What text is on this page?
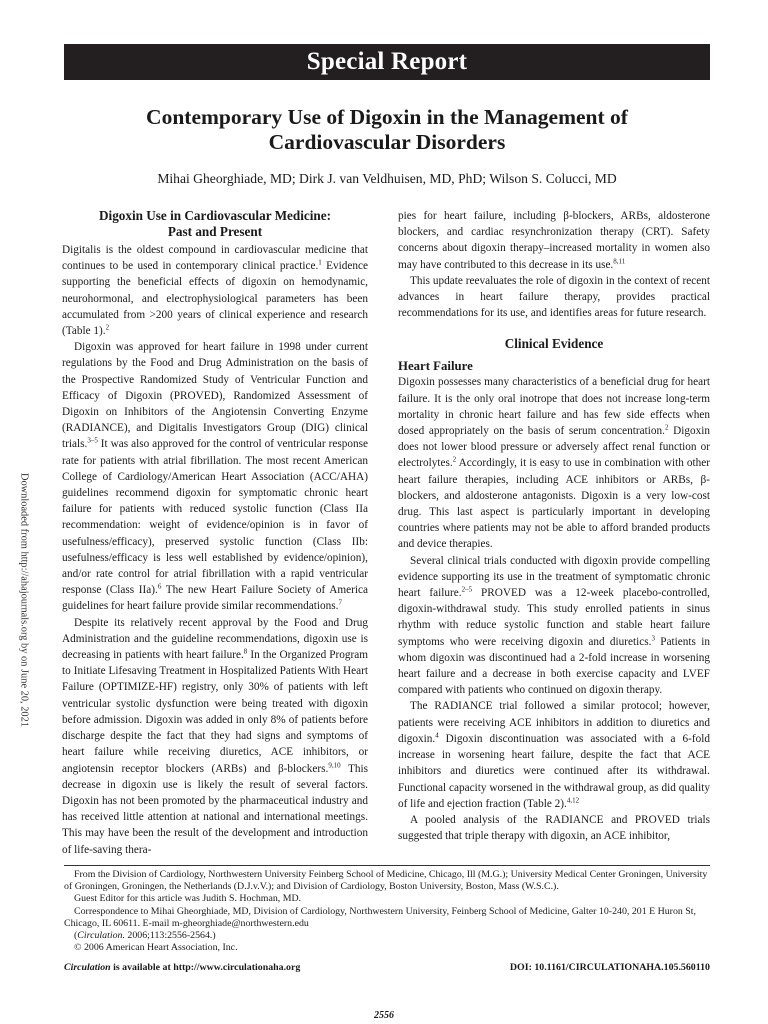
Special Report
Contemporary Use of Digoxin in the Management of
Cardiovascular Disorders

Mihai Gheorghiade, MD; Dirk J. van Veldhuisen, MD, PhD; Wilson S. Colucci, MD

Downloaded from http://ahajournals.org by on June 20, 2021
Digoxin Use in Cardiovascular Medicine:
Past and Present

Digitalis is the oldest compound in cardiovascular medicine that continues to be used in contemporary clinical practice.$^1$ Evidence supporting the beneficial effects of digoxin on hemodynamic, neurohormonal, and electrophysiological parameters has been accumulated from >200 years of clinical experience and research (Table 1).$^2$

Digoxin was approved for heart failure in 1998 under current regulations by the Food and Drug Administration on the basis of the Prospective Randomized Study of Ventricular Function and Efficacy of Digoxin (PROVED), Randomized Assessment of Digoxin on Inhibitors of the Angiotensin Converting Enzyme (RADIANCE), and Digitalis Investigators Group (DIG) clinical trials.$^{3-5}$ It was also approved for the control of ventricular response rate for patients with atrial fibrillation. The most recent American College of Cardiology/American Heart Association (ACC/AHA) guidelines recommend digoxin for symptomatic chronic heart failure for patients with reduced systolic function (Class IIa recommendation: weight of evidence/opinion is in favor of usefulness/efficacy), preserved systolic function (Class IIb: usefulness/efficacy is less well established by evidence/opinion), and/or rate control for atrial fibrillation with a rapid ventricular response (Class IIa).$^6$ The new Heart Failure Society of America guidelines for heart failure provide similar recommendations.$^7$

Despite its relatively recent approval by the Food and Drug Administration and the guideline recommendations, digoxin use is decreasing in patients with heart failure.$^8$ In the Organized Program to Initiate Lifesaving Treatment in Hospitalized Patients With Heart Failure (OPTIMIZE-HF) registry, only 30% of patients with left ventricular systolic dysfunction were being treated with digoxin before admission. Digoxin was added in only 8% of patients before discharge despite the fact that they had signs and symptoms of heart failure while receiving diuretics, ACE inhibitors, or angiotensin receptor blockers (ARBs) and β-blockers.$^{9,10}$ This decrease in digoxin use is likely the result of several factors. Digoxin has not been promoted by the pharmaceutical industry and has received little attention at national and international meetings. This may have been the result of the development and introduction of life-saving thera-

pies for heart failure, including β-blockers, ARBs, aldosterone blockers, and cardiac resynchronization therapy (CRT). Safety concerns about digoxin therapy–increased mortality in women also may have contributed to this decrease in its use.$^{8,11}$

This update reevaluates the role of digoxin in the context of recent advances in heart failure therapy, provides practical recommendations for its use, and identifies areas for future research.

Clinical Evidence
Heart Failure

Digoxin possesses many characteristics of a beneficial drug for heart failure. It is the only oral inotrope that does not increase long-term mortality in chronic heart failure and has few side effects when dosed appropriately on the basis of serum concentration.$^2$ Digoxin does not lower blood pressure or adversely affect renal function or electrolytes.$^2$ Accordingly, it is easy to use in combination with other heart failure therapies, including ACE inhibitors or ARBs, β-blockers, and aldosterone antagonists. Digoxin is a very low-cost drug. This last aspect is particularly important in developing countries where patients may not be able to afford branded products and device therapies.

Several clinical trials conducted with digoxin provide compelling evidence supporting its use in the treatment of symptomatic chronic heart failure.$^{2-5}$ PROVED was a 12-week placebo-controlled, digoxin-withdrawal study. This study enrolled patients in sinus rhythm with reduce systolic function and stable heart failure symptoms who were receiving digoxin and diuretics.$^3$ Patients in whom digoxin was discontinued had a 2-fold increase in worsening heart failure and a decrease in both exercise capacity and LVEF compared with patients who continued on digoxin therapy.

The RADIANCE trial followed a similar protocol; however, patients were receiving ACE inhibitors in addition to diuretics and digoxin.$^4$ Digoxin discontinuation was associated with a 6-fold increase in worsening heart failure, despite the fact that ACE inhibitors and diuretics were continued after its withdrawal. Functional capacity worsened in the withdrawal group, as did quality of life and ejection fraction (Table 2).$^{4,12}$

A pooled analysis of the RADIANCE and PROVED trials suggested that triple therapy with digoxin, an ACE inhibitor,

From the Division of Cardiology, Northwestern University Feinberg School of Medicine, Chicago, Ill (M.G.); University Medical Center Groningen, University of Groningen, Groningen, the Netherlands (D.J.v.V.); and Division of Cardiology, Boston University, Boston, Mass (W.S.C.).

Guest Editor for this article was Judith S. Hochman, MD.

Correspondence to Mihai Gheorghiade, MD, Division of Cardiology, Northwestern University, Feinberg School of Medicine, Galter 10-240, 201 E Huron St, Chicago, IL 60611. E-mail m-gheorghiade@northwestern.edu

(Circulation. 2006;113:2556-2564.)

© 2006 American Heart Association, Inc.

Circulation is available at http://www.circulationaha.org	DOI: 10.1161/CIRCULATIONAHA.105.560110
2556
